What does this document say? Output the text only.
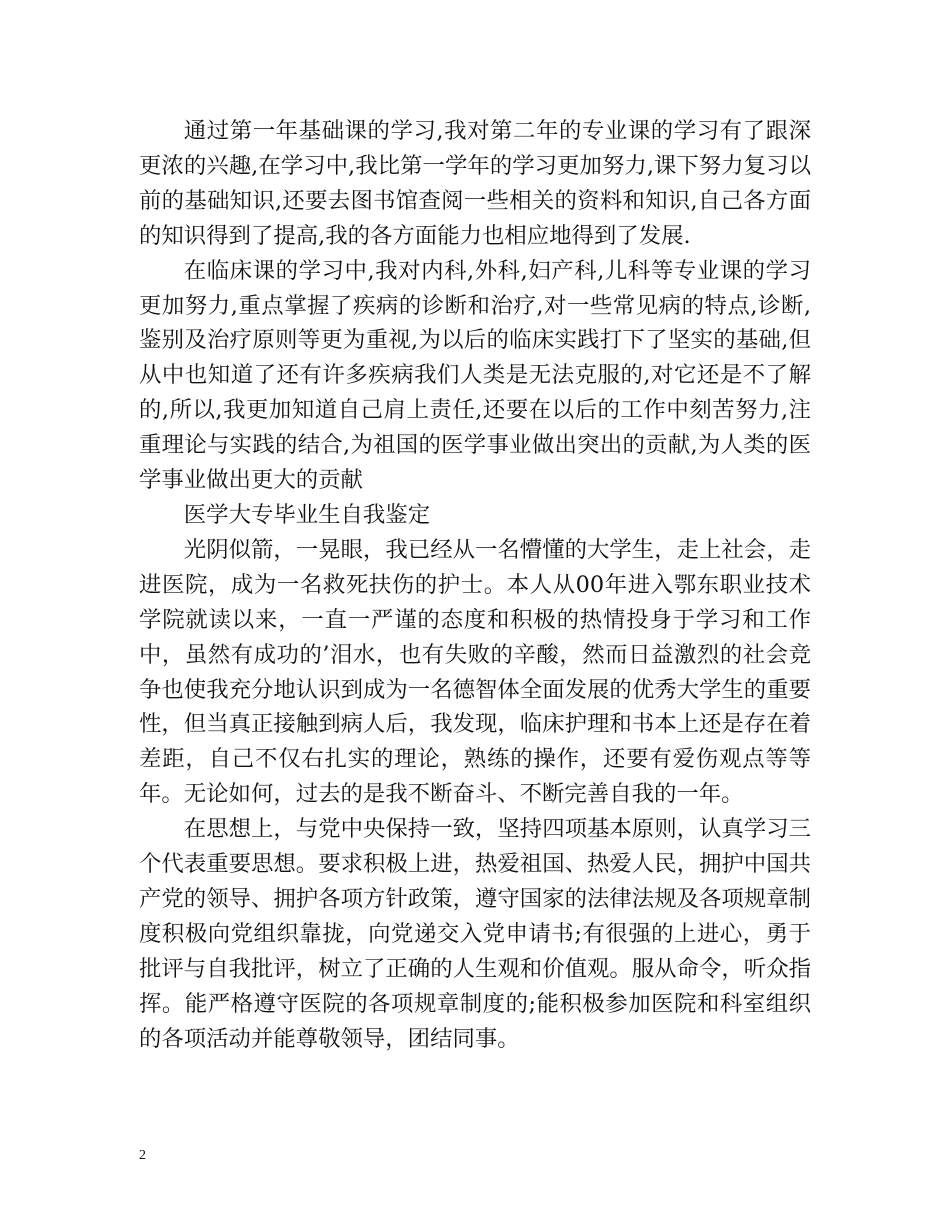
通过第一年基础课的学习,我对第二年的专业课的学习有了跟深更浓的兴趣,在学习中,我比第一学年的学习更加努力,课下努力复习以前的基础知识,还要去图书馆查阅一些相关的资料和知识,自己各方面的知识得到了提高,我的各方面能力也相应地得到了发展.

在临床课的学习中,我对内科,外科,妇产科,儿科等专业课的学习更加努力,重点掌握了疾病的诊断和治疗,对一些常见病的特点,诊断,鉴别及治疗原则等更为重视,为以后的临床实践打下了坚实的基础,但从中也知道了还有许多疾病我们人类是无法克服的,对它还是不了解的,所以,我更加知道自己肩上责任,还要在以后的工作中刻苦努力,注重理论与实践的结合,为祖国的医学事业做出突出的贡献,为人类的医学事业做出更大的贡献

医学大专毕业生自我鉴定

光阴似箭，一晃眼，我已经从一名懵懂的大学生，走上社会，走进医院，成为一名救死扶伤的护士。本人从00年进入鄂东职业技术学院就读以来，一直一严谨的态度和积极的热情投身于学习和工作中，虽然有成功的’泪水，也有失败的辛酸，然而日益激烈的社会竞争也使我充分地认识到成为一名德智体全面发展的优秀大学生的重要性，但当真正接触到病人后，我发现，临床护理和书本上还是存在着差距，自己不仅右扎实的理论，熟练的操作，还要有爱伤观点等等年。无论如何，过去的是我不断奋斗、不断完善自我的一年。

在思想上，与党中央保持一致，坚持四项基本原则，认真学习三个代表重要思想。要求积极上进，热爱祖国、热爱人民，拥护中国共产党的领导、拥护各项方针政策，遵守国家的法律法规及各项规章制度积极向党组织靠拢，向党递交入党申请书;有很强的上进心，勇于批评与自我批评，树立了正确的人生观和价值观。服从命令，听众指挥。能严格遵守医院的各项规章制度的;能积极参加医院和科室组织的各项活动并能尊敬领导，团结同事。

2
